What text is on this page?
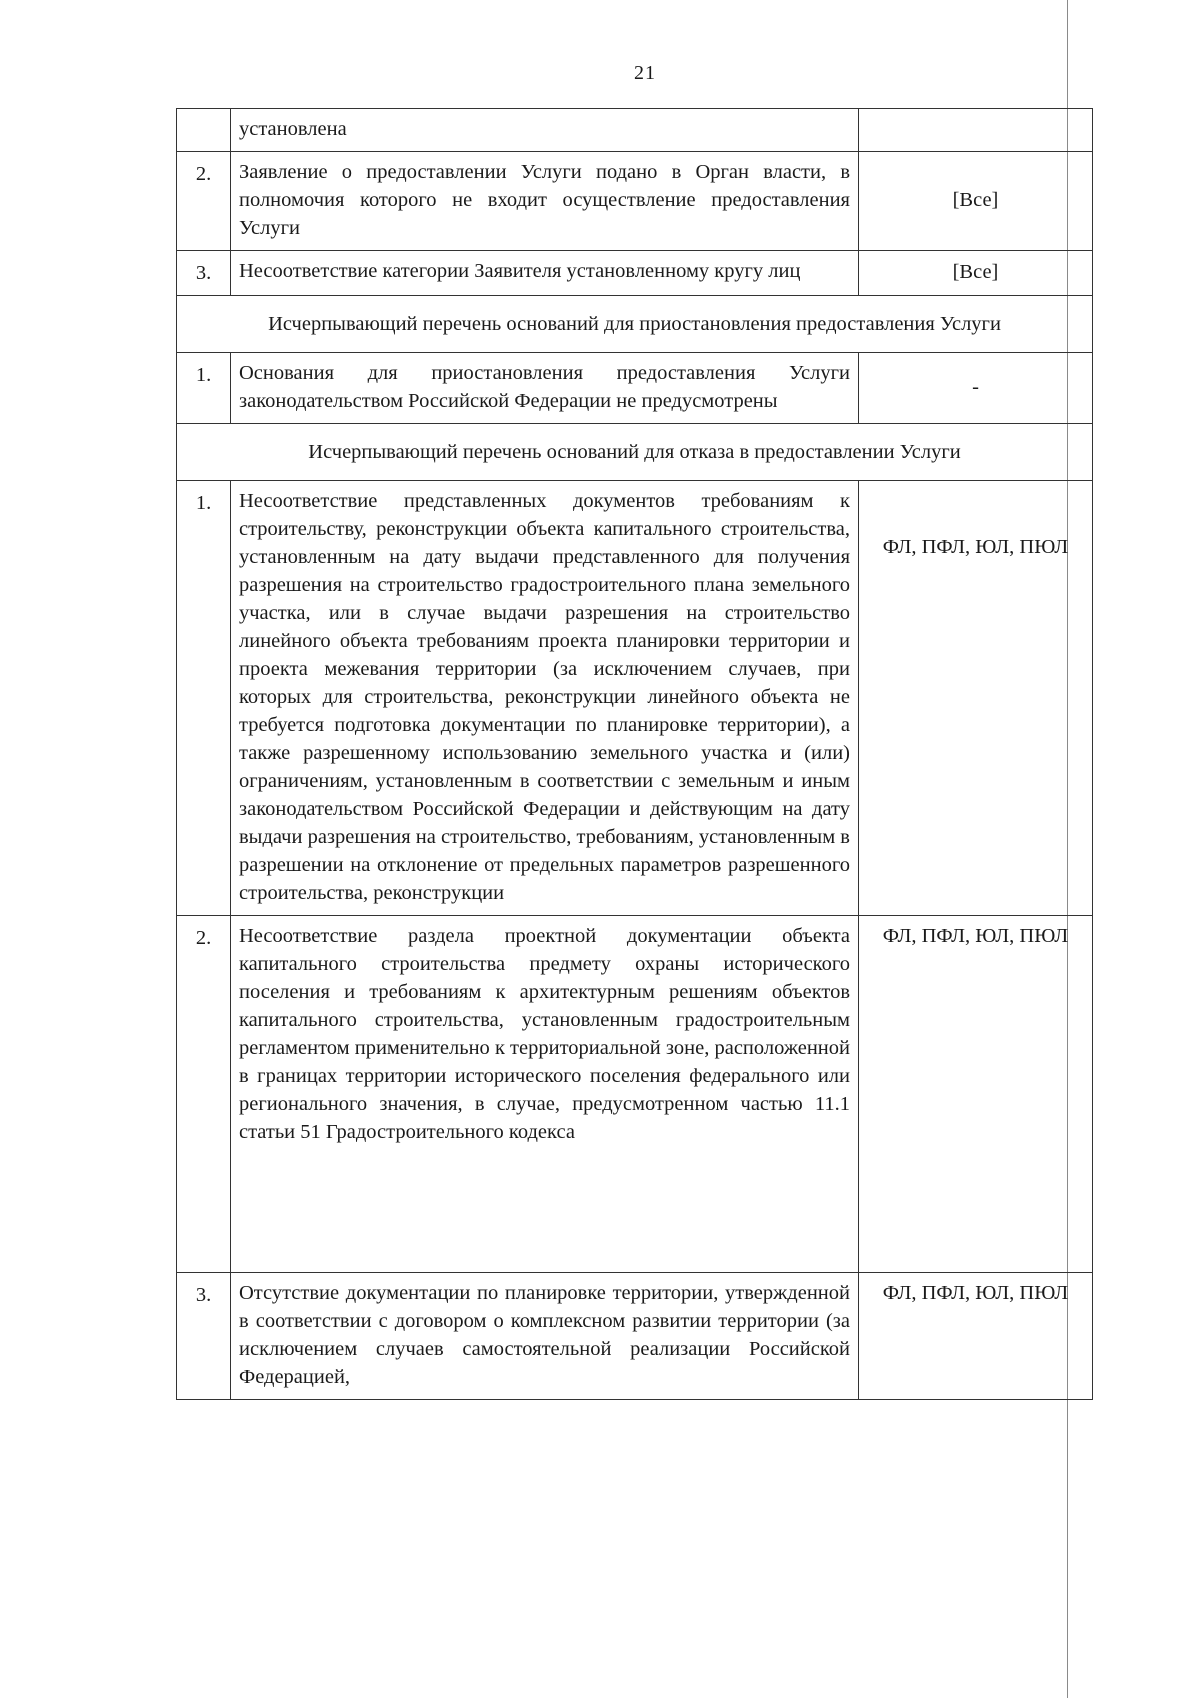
21
	установлена	
2.	Заявление о предоставлении Услуги подано в Орган власти, в полномочия которого не входит осуществление предоставления Услуги	[Все]
3.	Несоответствие категории Заявителя установленному кругу лиц	[Все]
Исчерпывающий перечень оснований для приостановления предоставления Услуги		
1.	Основания для приостановления предоставления Услуги законодательством Российской Федерации не предусмотрены	-
Исчерпывающий перечень оснований для отказа в предоставлении Услуги		
1.	Несоответствие представленных документов требованиям к строительству, реконструкции объекта капитального строительства, установленным на дату выдачи представленного для получения разрешения на строительство градостроительного плана земельного участка, или в случае выдачи разрешения на строительство линейного объекта требованиям проекта планировки территории и проекта межевания территории (за исключением случаев, при которых для строительства, реконструкции линейного объекта не требуется подготовка документации по планировке территории), а также разрешенному использованию земельного участка и (или) ограничениям, установленным в соответствии с земельным и иным законодательством Российской Федерации и действующим на дату выдачи разрешения на строительство, требованиям, установленным в разрешении на отклонение от предельных параметров разрешенного строительства, реконструкции	ФЛ, ПФЛ, ЮЛ, ПЮЛ
2.	Несоответствие раздела проектной документации объекта капитального строительства предмету охраны исторического поселения и требованиям к архитектурным решениям объектов капитального строительства, установленным градостроительным регламентом применительно к территориальной зоне, расположенной в границах территории исторического поселения федерального или регионального значения, в случае, предусмотренном частью 11.1 статьи 51 Градостроительного кодекса	ФЛ, ПФЛ, ЮЛ, ПЮЛ
3.	Отсутствие документации по планировке территории, утвержденной в соответствии с договором о комплексном развитии территории (за исключением случаев самостоятельной реализации Российской Федерацией,	ФЛ, ПФЛ, ЮЛ, ПЮЛ
